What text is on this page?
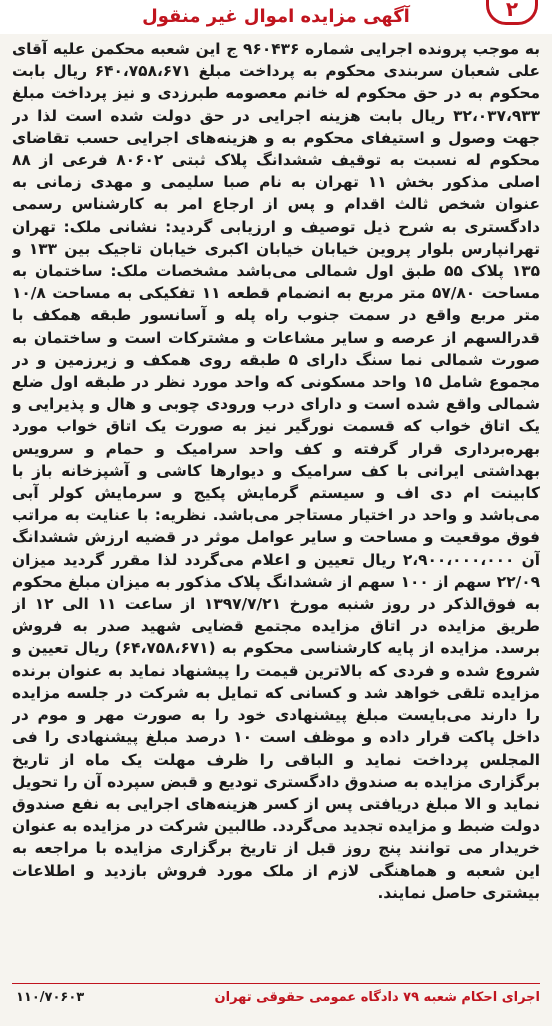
۲
آگهی مزایده اموال غیر منقول

به موجب پرونده اجرایی شماره ۹۶۰۴۳۶ ج این شعبه محکمن علیه آقای علی شعبان سربندی محکوم به پرداخت مبلغ ۶۴۰،۷۵۸،۶۷۱ ریال بابت محکوم به در حق محکوم له خانم معصومه طبرزدی و نیز پرداخت مبلغ ۳۲،۰۳۷،۹۳۳ ریال بابت هزینه اجرایی در حق دولت شده است لذا در جهت وصول و استیفای محکوم به و هزینه‌های اجرایی حسب تقاضای محکوم له نسبت به توقیف ششدانگ پلاک ثبتی ۸۰۶۰۲ فرعی از ۸۸ اصلی مذکور بخش ۱۱ تهران به نام صبا سلیمی و مهدی زمانی به عنوان شخص ثالث اقدام و پس از ارجاع امر به کارشناس رسمی دادگستری به شرح ذیل توصیف و ارزیابی گردید: نشانی ملک: تهران تهرانپارس بلوار پروین خیابان خیابان اکبری خیابان تاجیک بین ۱۳۳ و ۱۳۵ پلاک ۵۵ طبق اول شمالی می‌باشد مشخصات ملک: ساختمان به مساحت ۵۷/۸۰ متر مربع به انضمام قطعه ۱۱ تفکیکی به مساحت ۱۰/۸ متر مربع واقع در سمت جنوب راه پله و آسانسور طبقه همکف با قدرالسهم از عرصه و سایر مشاعات و مشترکات است و ساختمان به صورت شمالی نما سنگ دارای ۵ طبقه روی همکف و زیرزمین و در مجموع شامل ۱۵ واحد مسکونی که واحد مورد نظر در طبقه اول ضلع شمالی واقع شده است و دارای درب ورودی چوبی و هال و پذیرایی و یک اتاق خواب که قسمت نورگیر نیز به صورت یک اتاق خواب مورد بهره‌برداری قرار گرفته و کف واحد سرامیک و حمام و سرویس بهداشتی ایرانی با کف سرامیک و دیوارها کاشی و آشپزخانه باز با کابینت ام دی اف و سیستم گرمایش پکیج و سرمایش کولر آبی می‌باشد و واحد در اختیار مستاجر می‌باشد. نظریه: با عنایت به مراتب فوق موقعیت و مساحت و سایر عوامل موثر در قضیه ارزش ششدانگ آن ۲،۹۰۰،۰۰۰،۰۰۰ ریال تعیین و اعلام می‌گردد لذا مقرر گردید میزان ۲۲/۰۹ سهم از ۱۰۰ سهم از ششدانگ پلاک مذکور به میزان مبلغ محکوم به فوق‌الذکر در روز شنبه مورخ ۱۳۹۷/۷/۲۱ از ساعت ۱۱ الی ۱۲ از طریق مزایده در اتاق مزایده مجتمع قضایی شهید صدر به فروش برسد. مزایده از پایه کارشناسی محکوم به (۶۴،۷۵۸،۶۷۱) ریال تعیین و شروع شده و فردی که بالاترین قیمت را پیشنهاد نماید به عنوان برنده مزایده تلقی خواهد شد و کسانی که تمایل به شرکت در جلسه مزایده را دارند می‌بایست مبلغ پیشنهادی خود را به صورت مهر و موم در داخل پاکت قرار داده و موظف است ۱۰ درصد مبلغ پیشنهادی را فی المجلس پرداخت نماید و الباقی را ظرف مهلت یک ماه از تاریخ برگزاری مزایده به صندوق دادگستری تودیع و قبض سپرده آن را تحویل نماید و الا مبلغ دریافتی پس از کسر هزینه‌های اجرایی به نفع صندوق دولت ضبط و مزایده تجدید می‌گردد. طالبین شرکت در مزایده به عنوان خریدار می توانند پنج روز قبل از تاریخ برگزاری مزایده با مراجعه به این شعبه و هماهنگی لازم از ملک مورد فروش بازدید و اطلاعات بیشتری حاصل نمایند.

اجرای احکام شعبه ۷۹ دادگاه عمومی حقوقی تهران
۱۱۰/۷۰۶۰۳
